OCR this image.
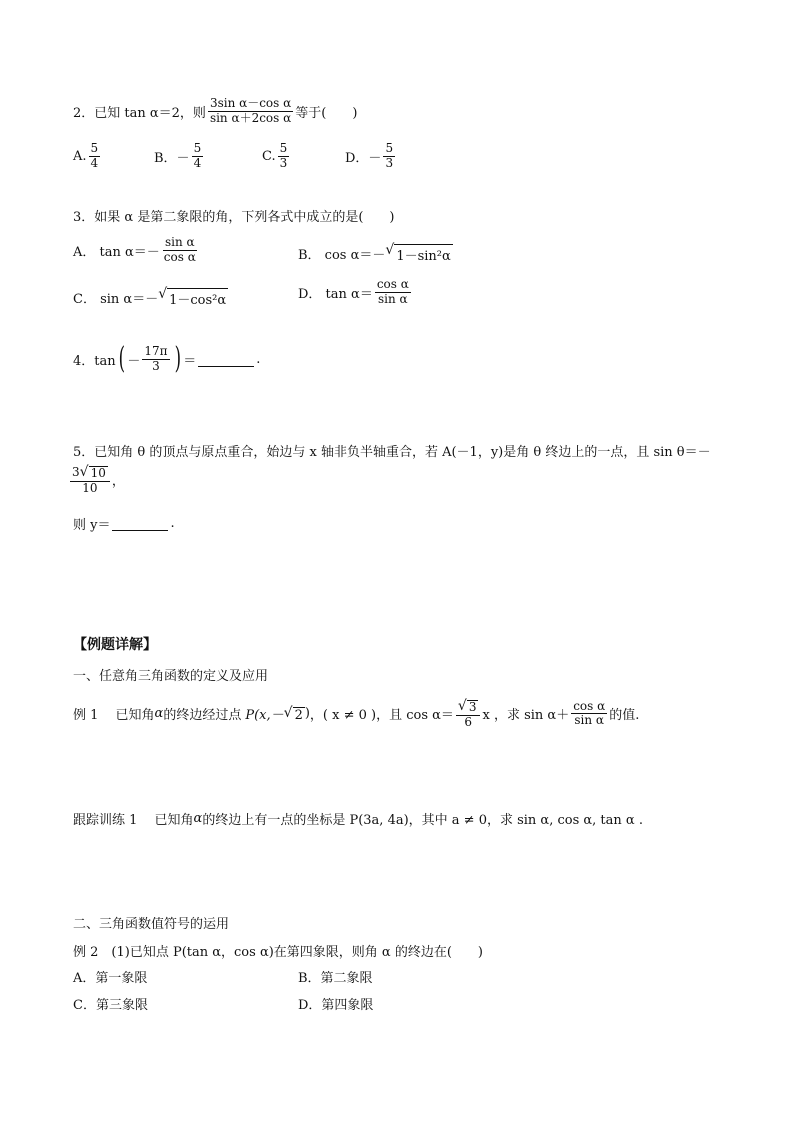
2．已知 tan α＝2，则 $\frac{\text{3sin α－cos α}}{\text{sin α＋2cos α}}$ 等于(　　)
A. $\frac{5}{4}$	B．－ $\frac{5}{4}$	C. $\frac{5}{3}$	D．－ $\frac{5}{3}$
3．如果 α 是第二象限的角，下列各式中成立的是(　　)
A． $\tan \alpha=- \frac{\text{sin α}}{\text{cos α}}$	B． cos α＝－ √ 1－sin²α
C． sin α＝－ √ 1－cos²α	D． $\tan \alpha= \frac{\text{cos α}}{\text{sin α}}$
4．tan ( － $\frac{17\pi}{3}$ ) ＝	.
5．已知角 θ 的顶点与原点重合，始边与 x 轴非负半轴重合，若 A(－1，y)是角 θ 终边上的一点，且 sin θ＝－
$\frac{3 √ 10}{10}$ ，
则 y＝	.
【例题详解】
一、任意角三角函数的定义及应用
例 1　 已知角 α 的终边经过点 P(x,－ √ 2 ) ，( x ≠ 0 )，且 $\cos \alpha= \frac{√ 3}{6}$ x ，求 $\sin \alpha+ \frac{\text{cos α}}{\text{sin α}}$ 的值.
跟踪训练 1　 已知角 α 的终边上有一点的坐标是 P(3a, 4a)，其中 a ≠ 0，求 sin α, cos α, tan α .
二、三角函数值符号的运用
例 2　(1)已知点 P(tan α，cos α)在第四象限，则角 α 的终边在(　　)
A．第一象限	B．第二象限
C．第三象限	D．第四象限
